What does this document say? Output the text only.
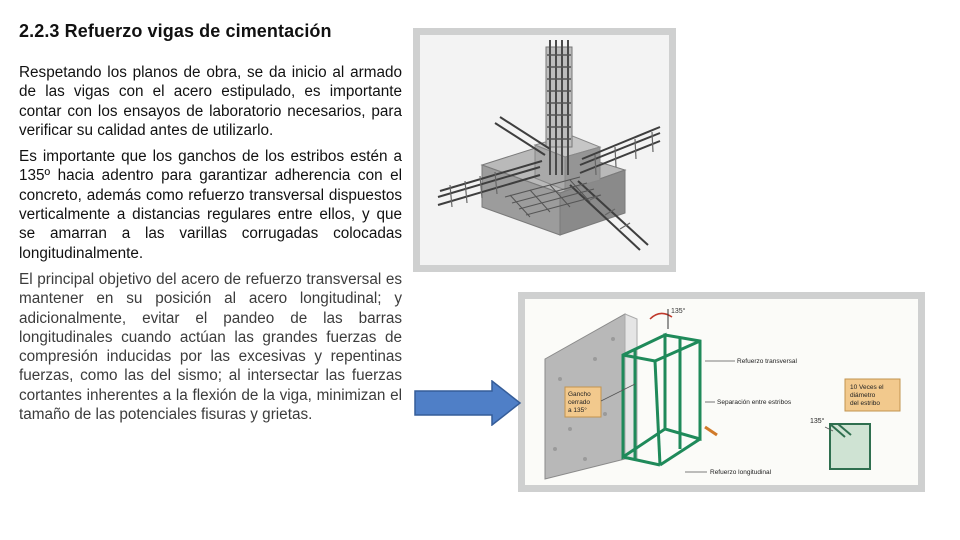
2.2.3 Refuerzo vigas de cimentación

Respetando los planos de obra, se da inicio al armado de las vigas con el acero estipulado, es importante contar con los ensayos de laboratorio necesarios, para verificar su calidad antes de utilizarlo.

Es importante que los ganchos de los estribos estén a 135º hacia adentro para garantizar adherencia con el concreto, además como refuerzo transversal dispuestos verticalmente a distancias regulares entre ellos, y que se amarran a las varillas corrugadas colocadas longitudinalmente.

El principal objetivo del acero de refuerzo transversal es mantener en su posición al acero longitudinal; y adicionalmente, evitar el pandeo de las barras longitudinales cuando actúan las grandes fuerzas de compresión inducidas por las excesivas y repentinas fuerzas, como las del sismo; al intersectar las fuerzas cortantes inherentes a la flexión de la viga, minimizan el tamaño de las potenciales fisuras y grietas.

135°
Gancho
cerrado
a 135°
Refuerzo transversal
Separación entre estribos
Refuerzo longitudinal
10 Veces el
diámetro
del estribo
135°
